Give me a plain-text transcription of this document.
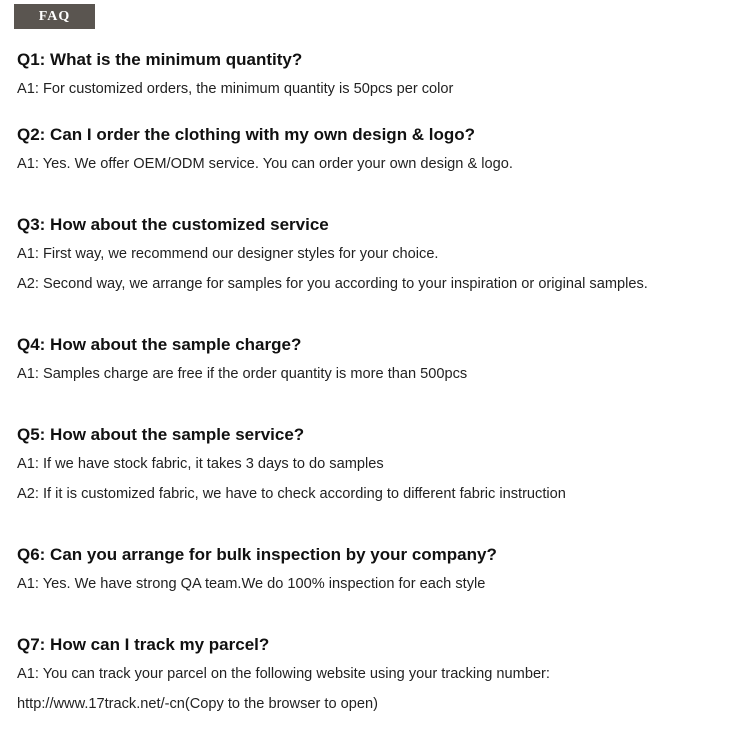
FAQ
Q1: What is the minimum quantity?
A1: For customized orders, the minimum quantity is 50pcs per color
Q2: Can I order the clothing with my own design & logo?
A1: Yes. We offer OEM/ODM service. You can order your own design & logo.
Q3: How about the customized service
A1: First way, we recommend our designer styles for your choice.
A2: Second way, we arrange for samples for you according to your inspiration or original samples.
Q4: How about the sample charge?
A1: Samples charge are free if the order quantity is more than 500pcs
Q5: How about the sample service?
A1: If we have stock fabric, it takes 3 days to do samples
A2: If it is customized fabric, we have to check according to different fabric instruction
Q6: Can you arrange for bulk inspection by your company?
A1: Yes. We have strong QA team.We do 100% inspection for each style
Q7: How can I track my parcel?
A1: You can track your parcel on the following website using your tracking number:
http://www.17track.net/-cn(Copy to the browser to open)
